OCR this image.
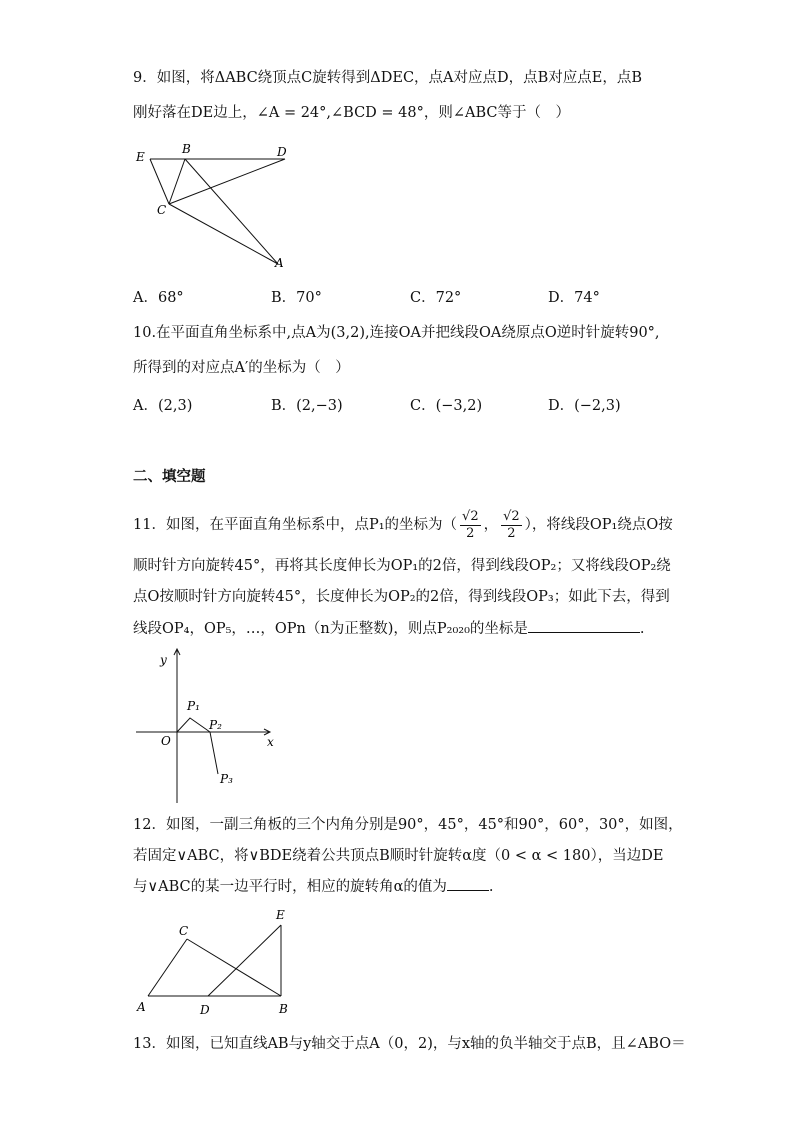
9．如图，将ΔABC绕顶点C旋转得到ΔDEC，点A对应点D，点B对应点E，点B
刚好落在DE边上，∠A = 24°,∠BCD = 48°，则∠ABC等于（　）
E
B	D
C
A
A．68°	B．70°	C．72°	D．74°
10.在平面直角坐标系中,点A为(3,2),连接OA并把线段OA绕原点O逆时针旋转90°,
所得到的对应点A′的坐标为（　）
A．(2,3)	B．(2,−3)	C．(−3,2)	D．(−2,3)
二、填空题
11．如图，在平面直角坐标系中，点P₁的坐标为（ $\frac{√2}{2}$ ， $\frac{√2}{2}$ ），将线段OP₁绕点O按
顺时针方向旋转45°，再将其长度伸长为OP₁的2倍，得到线段OP₂；又将线段OP₂绕
点O按顺时针方向旋转45°，长度伸长为OP₂的2倍，得到线段OP₃；如此下去，得到
线段OP₄，OP₅，…，OPn（n为正整数)，则点P₂₀₂₀的坐标是	.
y
x
O
P₁
P₂
P₃
12．如图，一副三角板的三个内角分别是90°，45°，45°和90°，60°，30°，如图，
若固定∨ABC，将∨BDE绕着公共顶点B顺时针旋转α度（0 < α < 180），当边DE
与∨ABC的某一边平行时，相应的旋转角α的值为	.
C
E
A	D	B
13．如图，已知直线AB与y轴交于点A（0，2)，与x轴的负半轴交于点B，且∠ABO＝
